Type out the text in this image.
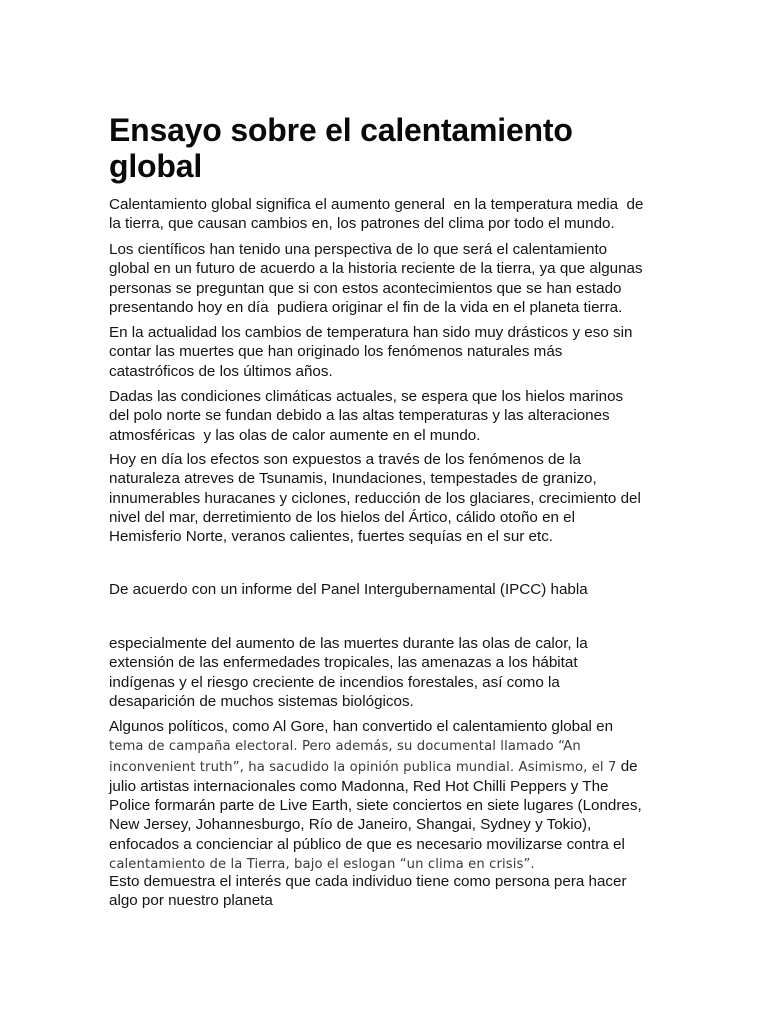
Ensayo sobre el calentamiento
global

Calentamiento global significa el aumento general  en la temperatura media  de
la tierra, que causan cambios en, los patrones del clima por todo el mundo.

Los científicos han tenido una perspectiva de lo que será el calentamiento
global en un futuro de acuerdo a la historia reciente de la tierra, ya que algunas
personas se preguntan que si con estos acontecimientos que se han estado
presentando hoy en día  pudiera originar el fin de la vida en el planeta tierra.

En la actualidad los cambios de temperatura han sido muy drásticos y eso sin
contar las muertes que han originado los fenómenos naturales más
catastróficos de los últimos años.

Dadas las condiciones climáticas actuales, se espera que los hielos marinos
del polo norte se fundan debido a las altas temperaturas y las alteraciones
atmosféricas  y las olas de calor aumente en el mundo.

Hoy en día los efectos son expuestos a través de los fenómenos de la
naturaleza atreves de Tsunamis, Inundaciones, tempestades de granizo,
innumerables huracanes y ciclones, reducción de los glaciares, crecimiento del
nivel del mar, derretimiento de los hielos del Ártico, cálido otoño en el
Hemisferio Norte, veranos calientes, fuertes sequías en el sur etc.

De acuerdo con un informe del Panel Intergubernamental (IPCC) habla

especialmente del aumento de las muertes durante las olas de calor, la
extensión de las enfermedades tropicales, las amenazas a los hábitat
indígenas y el riesgo creciente de incendios forestales, así como la
desaparición de muchos sistemas biológicos.

Algunos políticos, como Al Gore, han convertido el calentamiento global en
tema de campaña electoral. Pero además, su documental llamado “An
inconvenient truth”, ha sacudido la opinión publica mundial. Asimismo, el 7 de
julio artistas internacionales como Madonna, Red Hot Chilli Peppers y The
Police formarán parte de Live Earth, siete conciertos en siete lugares (Londres,
New Jersey, Johannesburgo, Río de Janeiro, Shangai, Sydney y Tokio),
enfocados a concienciar al público de que es necesario movilizarse contra el
calentamiento de la Tierra, bajo el eslogan “un clima en crisis”.

Esto demuestra el interés que cada individuo tiene como persona pera hacer
algo por nuestro planeta
